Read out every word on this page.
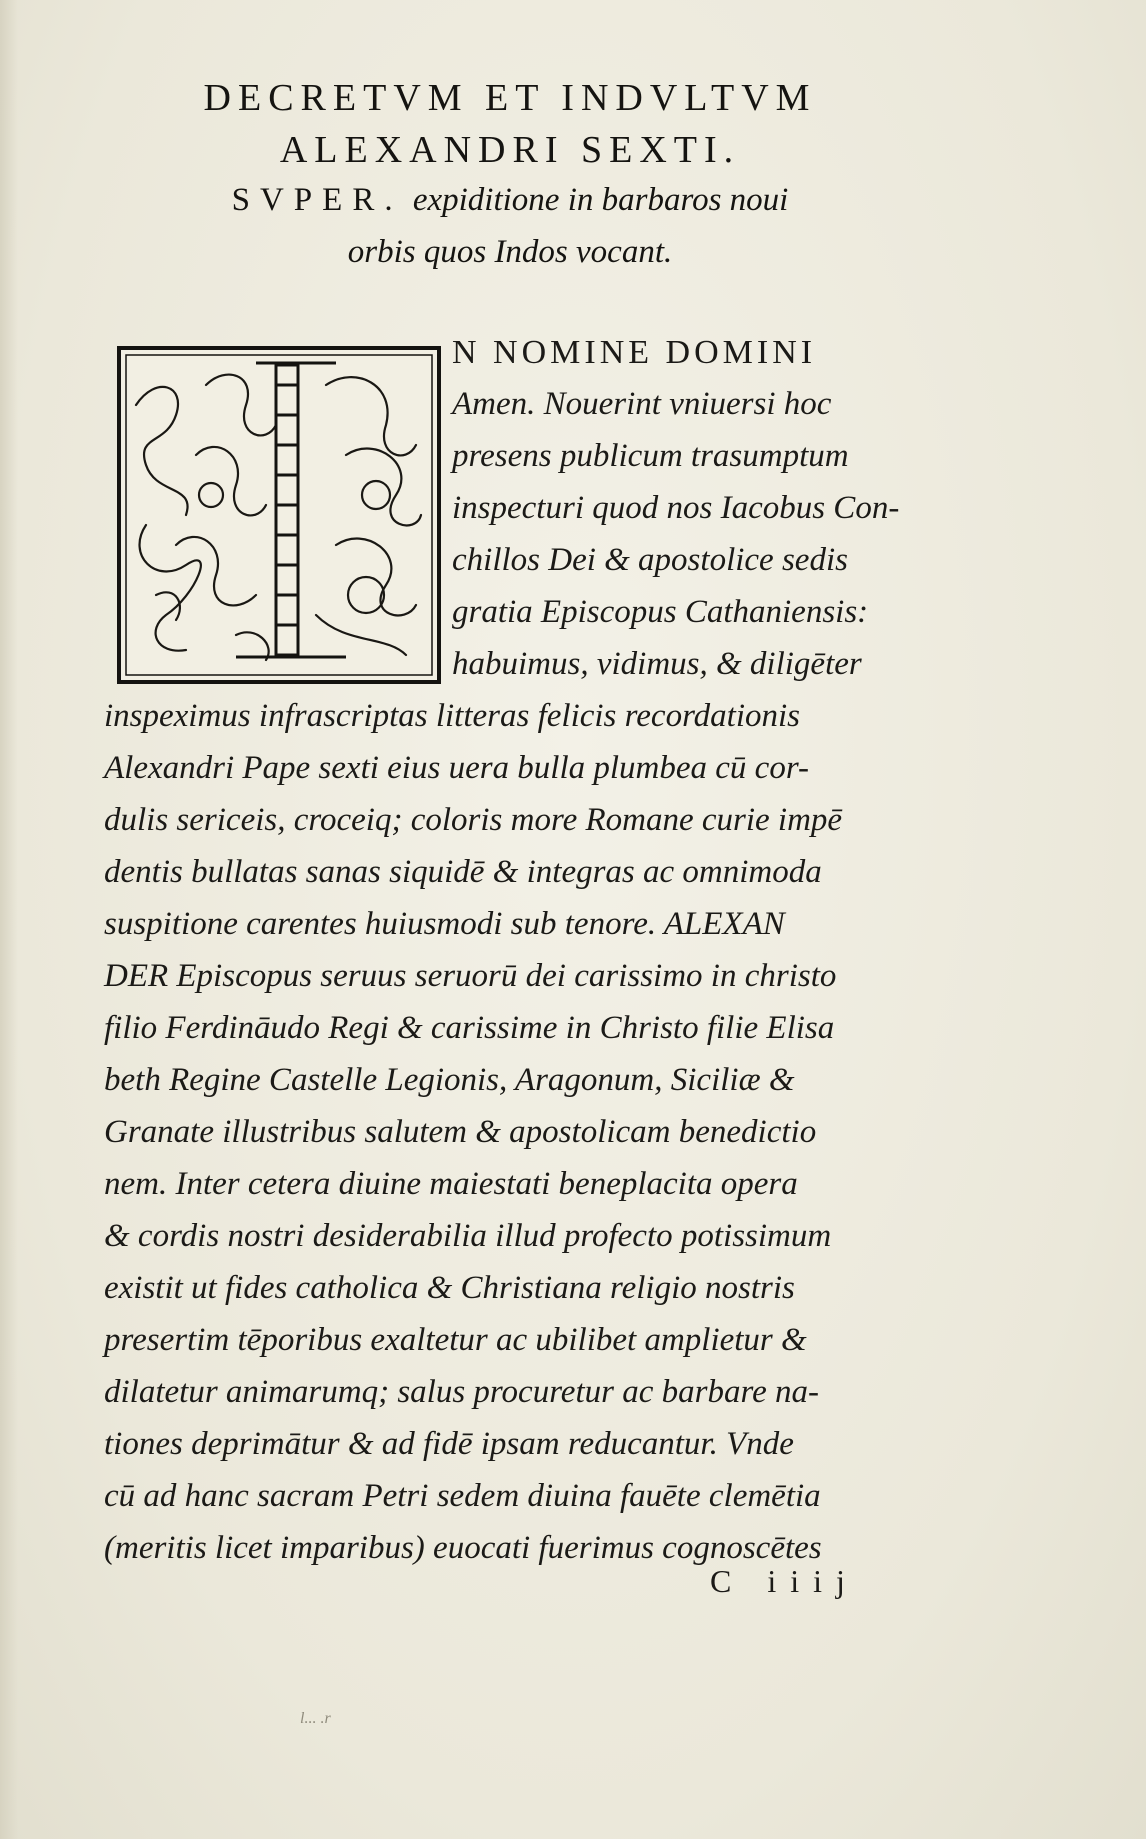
DECRETVM ET INDVLTVM
ALEXANDRI SEXTI.
SVPER. expiditione in barbaros noui
orbis quos Indos vocant.
N NOMINE DOMINI
Amen. Nouerint vniuersi hoc
presens publicum trasumptum
inspecturi quod nos Iacobus Con-
chillos Dei & apostolice sedis
gratia Episcopus Cathaniensis:
habuimus, vidimus, & diligēter
inspeximus infrascriptas litteras felicis recordationis
Alexandri Pape sexti eius uera bulla plumbea cū cor-
dulis sericeis, croceiq; coloris more Romane curie impē
dentis bullatas sanas siquidē & integras ac omnimoda
suspitione carentes huiusmodi sub tenore. ALEXAN
DER Episcopus seruus seruorū dei carissimo in christo
filio Ferdināudo Regi & carissime in Christo filie Elisa
beth Regine Castelle Legionis, Aragonum, Siciliæ &
Granate illustribus salutem & apostolicam benedictio
nem. Inter cetera diuine maiestati beneplacita opera
& cordis nostri desiderabilia illud profecto potissimum
existit ut fides catholica & Christiana religio nostris
presertim tēporibus exaltetur ac ubilibet amplietur &
dilatetur animarumq; salus procuretur ac barbare na-
tiones deprimātur & ad fidē ipsam reducantur. Vnde
cū ad hanc sacram Petri sedem diuina fauēte clemētia
(meritis licet imparibus) euocati fuerimus cognoscētes
C iiij
l... .r
